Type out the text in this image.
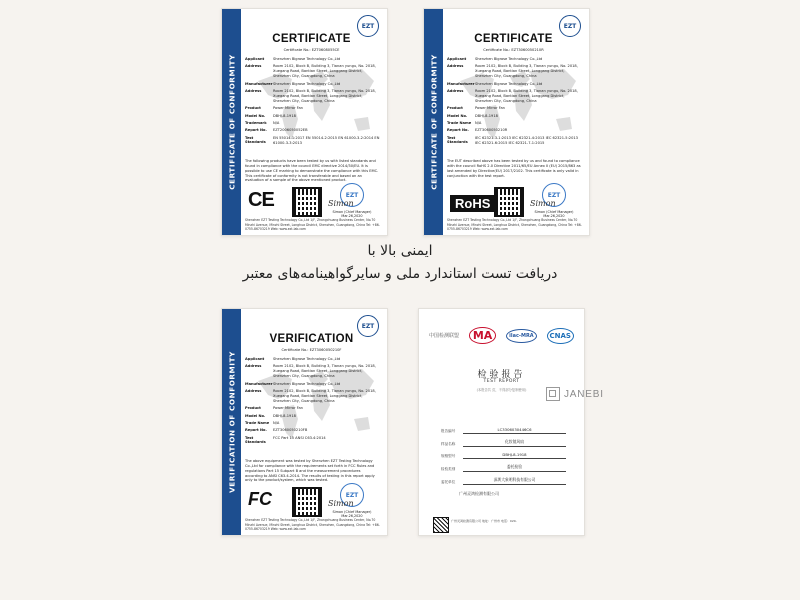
CERTIFICATE OF CONFORMITY
EZT
CERTIFICATE
Certificate No.: EZT0608055CE
Applicant	Shenzhen Bigrose Technology Co.,Ltd
Address	Room 2102, Block B, Building 3, Tianan yungu, No. 2018, Xuegang Road, Bantian Street, Longgang District, Shenzhen City, Guangdong, China
Manufacturer Shenzhen Bigrose Technology Co.,Ltd
Address	Room 2102, Block B, Building 3, Tianan yungu, No. 2018, Xuegang Road, Bantian Street, Longgang District, Shenzhen City, Guangdong, China
Product	Power Mirror Fan
Model No.	DBHJ-8-1918
Trademark	N/A
Report No.	EZT2006050052EB
Test Standards
EN 55014-1:2017 EN 55014-2:2015 EN 61000-3-2:2014 EN 61000-3-3:2013
The following products have been tested by us with listed standards and found in compliance with the council EMC directive 2014/30/EU. It is possible to use CE marking to demonstrate the compliance with this EMC. This certificate of conformity is not transferable and based on an evaluation of a sample of the above mentioned product.
CE	EZT
Simon
Simon (Chief Manager) Mar.26,2020
Shenzhen EZT Testing Technology Co.,Ltd 1/F, Zhongchuang Business Center, No.70 Minzhi Avenue, Minzhi Street, Longhua District, Shenzhen, Guangdong, China Tel: +86-0755-86703219 Web: www.ezt-lab.com
CERTIFICATE OF CONFORMITY
EZT
CERTIFICATE
Certificate No.: EZT3060050210R
Applicant	Shenzhen Bigrose Technology Co.,Ltd
Address	Room 2102, Block B, Building 3, Tianan yungu, No. 2018, Xuegang Road, Bantian Street, Longgang District, Shenzhen City, Guangdong, China
Manufacturer Shenzhen Bigrose Technology Co.,Ltd
Address	Room 2102, Block B, Building 3, Tianan yungu, No. 2018, Xuegang Road, Bantian Street, Longgang District, Shenzhen City, Guangdong, China
Product	Power Mirror Fan
Model No.	DBHJ-8-1918
Trade Name	N/A
Report No.	EZT3060050210R
Test Standards
IEC 62321-3-1:2013 IEC 62321-4:2013 IEC 62321-5:2013 IEC 62321-6:2015 IEC 62321-7-1:2015
The EUT described above has been tested by us and found to compliance with the council RoHS 2.0 Directive 2011/65/EU Annex II (EU) 2015/863 as last amended by Directive(EU) 2017/2102. This certificate is only valid in conjunction with the test report.
RoHS
EZT
Simon
Simon (Chief Manager) Mar.26,2020
Shenzhen EZT Testing Technology Co.,Ltd 1/F, Zhongchuang Business Center, No.70 Minzhi Avenue, Minzhi Street, Longhua District, Shenzhen, Guangdong, China Tel: +86-0755-86703219 Web: www.ezt-lab.com
ایمنی بالا با
دریافت تست استاندارد ملی و سایرگواهینامه‌های معتبر
VERIFICATION OF CONFORMITY
EZT
VERIFICATION
Certificate No.: EZT3060050210F
Applicant	Shenzhen Bigrose Technology Co.,Ltd
Address	Room 2102, Block B, Building 3, Tianan yungu, No. 2018, Xuegang Road, Bantian Street, Longgang District, Shenzhen City, Guangdong, China
Manufacturer Shenzhen Bigrose Technology Co.,Ltd
Address	Room 2102, Block B, Building 3, Tianan yungu, No. 2018, Xuegang Road, Bantian Street, Longgang District, Shenzhen City, Guangdong, China
Product	Power Mirror Fan
Model No.	DBHJ-8-1918
Trade Name	N/A
Report No.	EZT3060050210FB
Test Standards
FCC Part 15 ANSI C63.4:2014
The above equipment was tested by Shenzhen EZT Testing Technology Co.,Ltd for compliance with the requirements set forth in FCC Rules and regulations Part 15 Subpart B and the measurement procedures according to ANSI C63.4-2014. The results of testing in this report apply only to the product/system, which was tested.
FC	EZT
Simon
Simon (Chief Manager) Mar.26,2020
Shenzhen EZT Testing Technology Co.,Ltd 1/F, Zhongchuang Business Center, No.70 Minzhi Avenue, Minzhi Street, Longhua District, Shenzhen, Guangdong, China Tel: +86-0755-86703219 Web: www.ezt-lab.com
中国检测联盟	MA	ilac-MRA	CNAS
检验报告
TEST REPORT
(本报告共 页，不得部分复制使用)
报告编号	LC3306030446C6
样品名称	化妆镜风扇
规格型号	DBHJ-8-1918
检验类别	委托检验
委托单位	深圳大象明科技有限公司
广州灵鸿检测有限公司
广州灵鸿检测有限公司 地址：广州市 电话：020-
JANEBI
